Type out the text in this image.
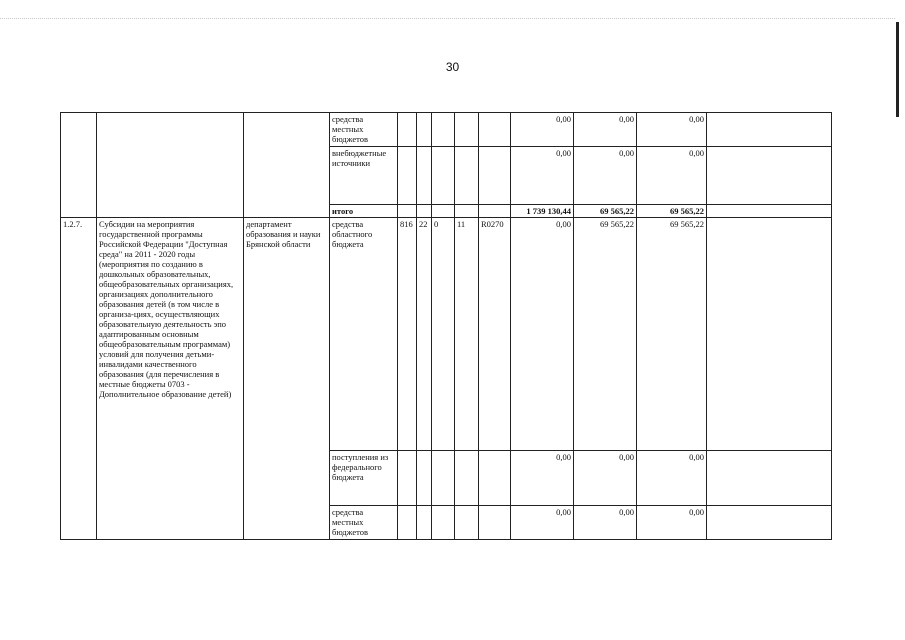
30
			средства местных бюджетов						0,00	0,00	0,00	
			внебюджетные источники						0,00	0,00	0,00	
			итого						1 739 130,44	69 565,22	69 565,22	
1.2.7.	Субсидии на мероприятия государственной программы Российской Федерации "Доступная среда" на 2011 - 2020 годы (мероприятия по созданию в дошкольных образовательных, общеобразовательных организациях, организациях дополнительного образования детей (в том числе в организа-циях, осуществляющих образовательную деятельность эпо адаптированным основным общеобразовательным программам) условий для получения детьми-инвалидами качественного образования (для перечисления в местные бюджеты 0703 - Дополнительное образование детей)	департамент образования и науки Брянской области	средства областного бюджета	816	22	0	11	R0270	0,00	69 565,22	69 565,22	
			поступления из федерального бюджета						0,00	0,00	0,00	
			средства местных бюджетов						0,00	0,00	0,00	
